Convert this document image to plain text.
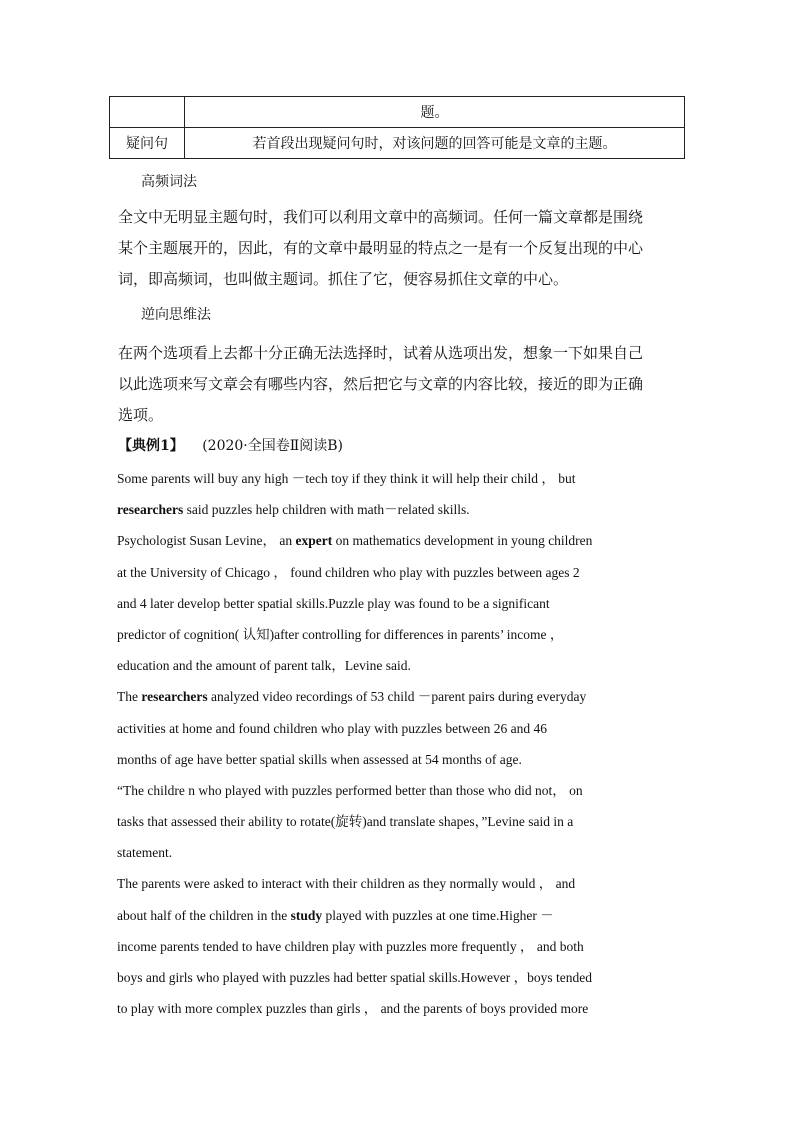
	题。
疑问句	若首段出现疑问句时，对该问题的回答可能是文章的主题。
高频词法
全文中无明显主题句时，我们可以利用文章中的高频词。任何一篇文章都是围绕
某个主题展开的，因此，有的文章中最明显的特点之一是有一个反复出现的中心
词，即高频词，也叫做主题词。抓住了它，便容易抓住文章的中心。
逆向思维法
在两个选项看上去都十分正确无法选择时，试着从选项出发，想象一下如果自己
以此选项来写文章会有哪些内容，然后把它与文章的内容比较，接近的即为正确
选项。
【典例1】 (2020·全国卷Ⅱ阅读B)
Some parents will buy any high －tech toy if they think it will help their child ， but
researchers said puzzles help children with math－related skills.
Psychologist Susan Levine， an expert on mathematics development in young children
at the University of Chicago ， found children who play with puzzles between ages 2
and 4 later develop better spatial skills.Puzzle play was found to be a significant
predictor of cognition( 认知)after controlling for differences in parents’ income ，
education and the amount of parent talk，Levine said.
The researchers analyzed video recordings of 53 child －parent pairs during everyday
activities at home and found children who play with puzzles between 26 and 46
months of age have better spatial skills when assessed at 54 months of age.
“The childre n who played with puzzles performed better than those who did not， on
tasks that assessed their ability to rotate(旋转)and translate shapes，”Levine said in a
statement.
The parents were asked to interact with their children as they normally would ， and
about half of the children in the study played with puzzles at one time.Higher －
income parents tended to have children play with puzzles more frequently ， and both
boys and girls who played with puzzles had better spatial skills.However ，boys tended
to play with more complex puzzles than girls ， and the parents of boys provided more
